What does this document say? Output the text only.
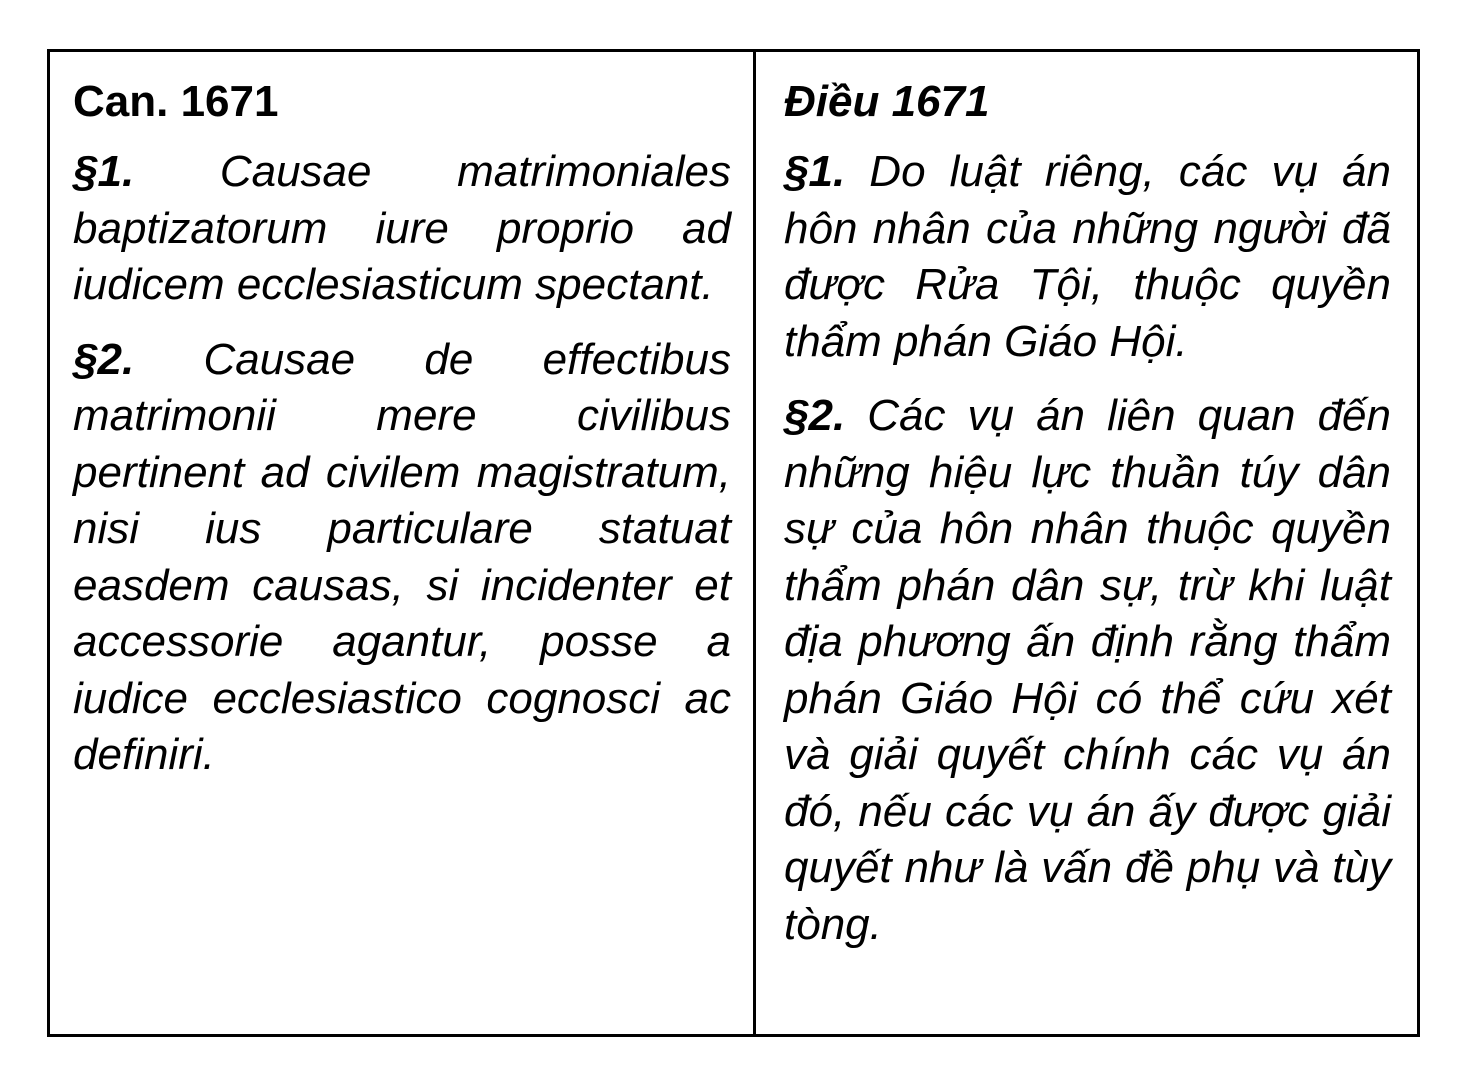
Can. 1671

§1. Causae matrimoniales baptizatorum iure proprio ad iudicem ecclesiasticum spectant.

§2. Causae de effectibus matrimonii mere civilibus pertinent ad civilem magistratum, nisi ius particulare statuat easdem causas, si incidenter et accessorie agantur, posse a iudice ecclesiastico cognosci ac definiri.

Điều 1671

§1. Do luật riêng, các vụ án hôn nhân của những người đã được Rửa Tội, thuộc quyền thẩm phán Giáo Hội.

§2. Các vụ án liên quan đến những hiệu lực thuần túy dân sự của hôn nhân thuộc quyền thẩm phán dân sự, trừ khi luật địa phương ấn định rằng thẩm phán Giáo Hội có thể cứu xét và giải quyết chính các vụ án đó, nếu các vụ án ấy được giải quyết như là vấn đề phụ và tùy tòng.
